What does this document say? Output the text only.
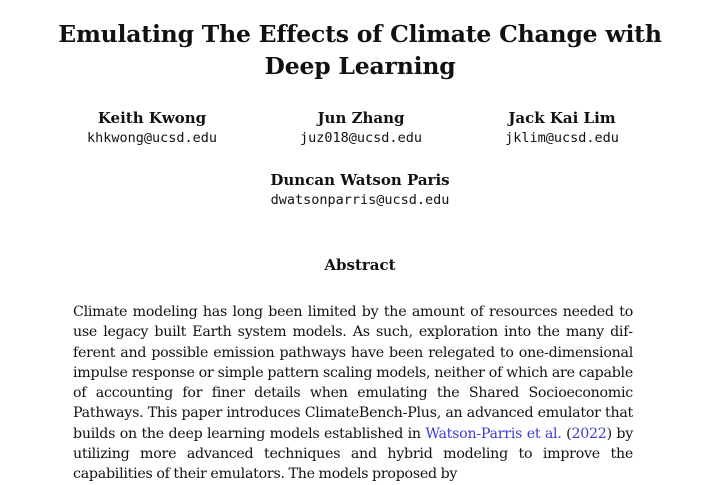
Emulating The Effects of Climate Change with Deep Learning
Keith Kwong
khkwong@ucsd.edu
Jun Zhang
juz018@ucsd.edu
Jack Kai Lim
jklim@ucsd.edu
Duncan Watson Paris
dwatsonparris@ucsd.edu
Abstract
Climate modeling has long been limited by the amount of resources needed to use legacy built Earth system models. As such, exploration into the many different and possible emission pathways have been relegated to one-dimensional impulse response or simple pattern scaling models, neither of which are capable of accounting for finer details when emulating the Shared Socioeconomic Pathways. This paper introduces ClimateBench-Plus, an advanced emulator that builds on the deep learning models established in Watson-Parris et al. (2022) by utilizing more advanced techniques and hybrid modeling to improve the capabilities of their emulators. The models proposed by
